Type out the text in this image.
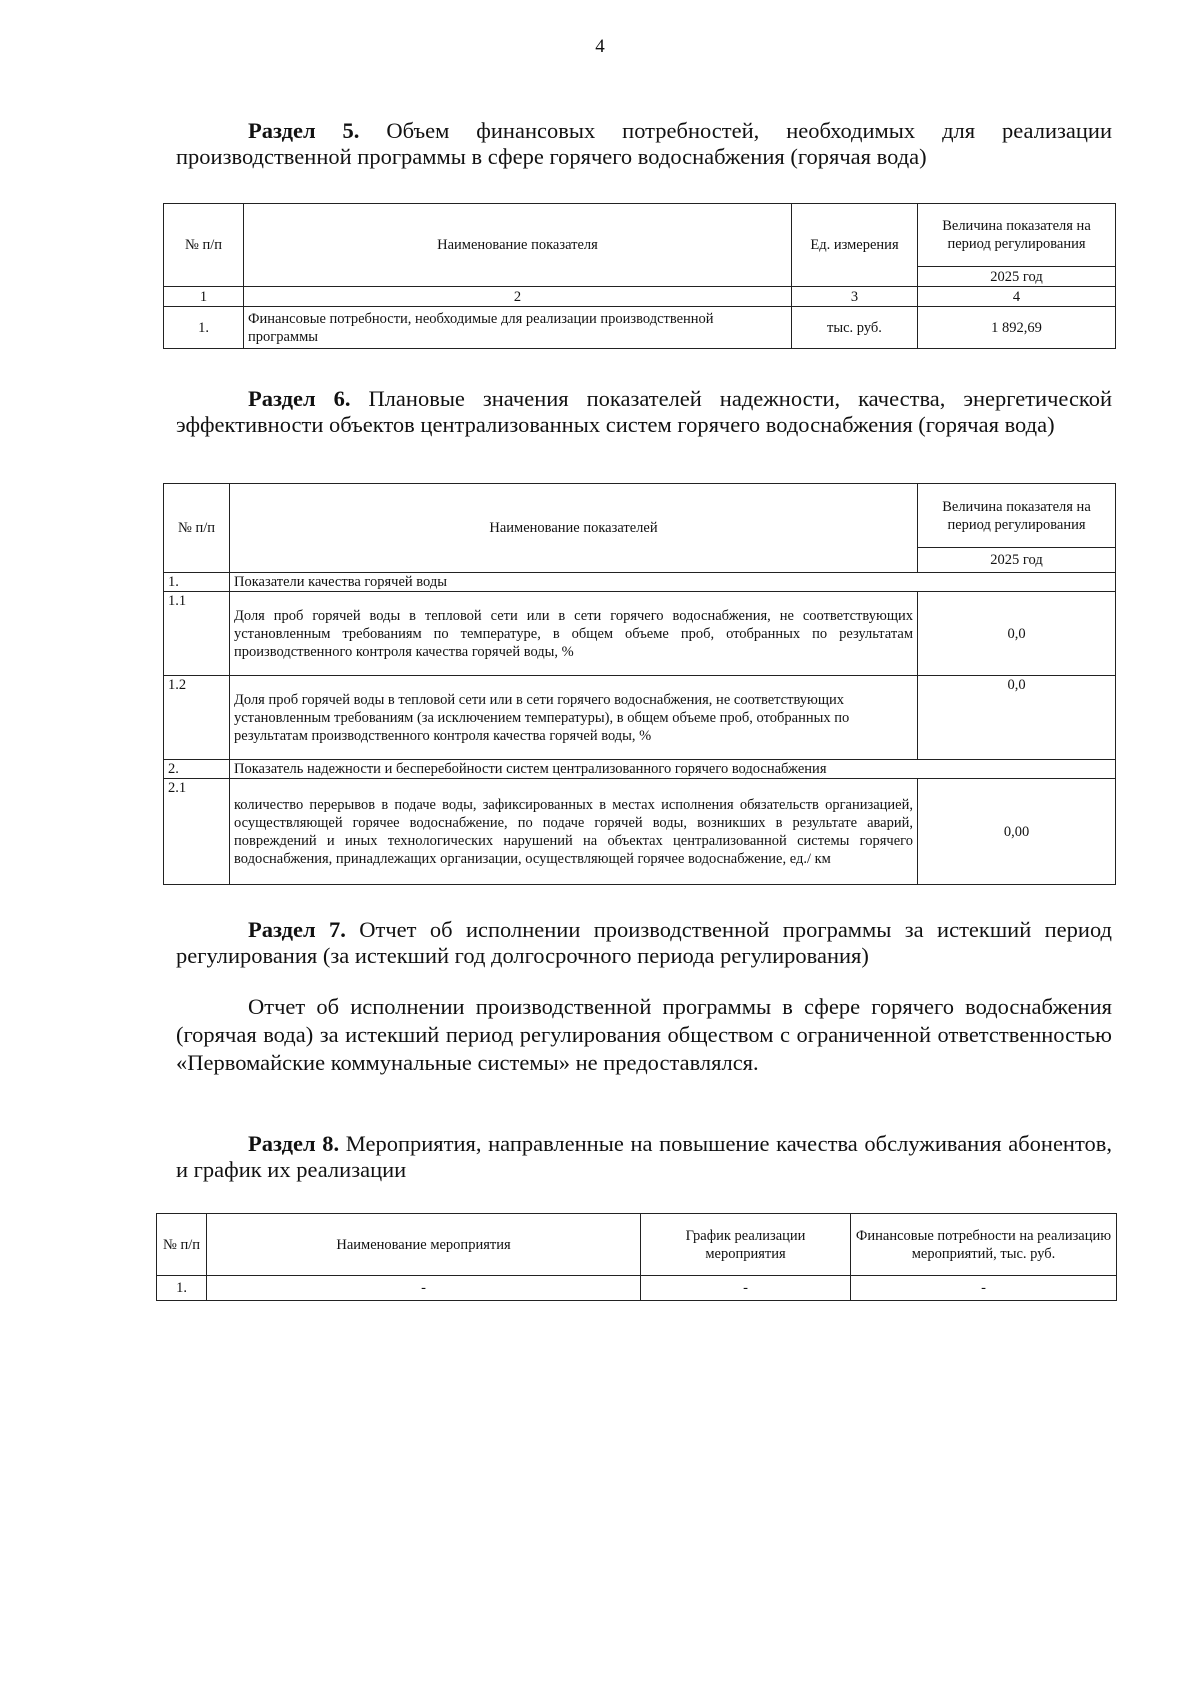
4
Раздел 5. Объем финансовых потребностей, необходимых для реализации производственной программы в сфере горячего водоснабжения (горячая вода)
№ п/п	Наименование показателя	Ед. измерения	Величина показателя на период регулирования
			2025 год
1	2	3	4
1.	Финансовые потребности, необходимые для реализации производственной программы	тыс. руб.	1 892,69
Раздел 6. Плановые значения показателей надежности, качества, энергетической эффективности объектов централизованных систем горячего водоснабжения (горячая вода)
№ п/п	Наименование показателей	Величина показателя на период регулирования
		2025 год
1.	Показатели качества горячей воды	
1.1	Доля проб горячей воды в тепловой сети или в сети горячего водоснабжения, не соответствующих установленным требованиям по температуре, в общем объеме проб, отобранных по результатам производственного контроля качества горячей воды, %	0,0
1.2	Доля проб горячей воды в тепловой сети или в сети горячего водоснабжения, не соответствующих установленным требованиям (за исключением температуры), в общем объеме проб, отобранных по результатам производственного контроля качества горячей воды, %	0,0
2.	Показатель надежности и бесперебойности систем централизованного горячего водоснабжения	
2.1	количество перерывов в подаче воды, зафиксированных в местах исполнения обязательств организацией, осуществляющей горячее водоснабжение, по подаче горячей воды, возникших в результате аварий, повреждений и иных технологических нарушений на объектах централизованной системы горячего водоснабжения, принадлежащих организации, осуществляющей горячее водоснабжение, ед./ км	0,00
Раздел 7. Отчет об исполнении производственной программы за истекший период регулирования (за истекший год долгосрочного периода регулирования)
Отчет об исполнении производственной программы в сфере горячего водоснабжения (горячая вода) за истекший период регулирования обществом с ограниченной ответственностью «Первомайские коммунальные системы» не предоставлялся.
Раздел 8. Мероприятия, направленные на повышение качества обслуживания абонентов, и график их реализации
№ п/п	Наименование мероприятия	График реализации мероприятия	Финансовые потребности на реализацию мероприятий, тыс. руб.
1.	-	-	-
